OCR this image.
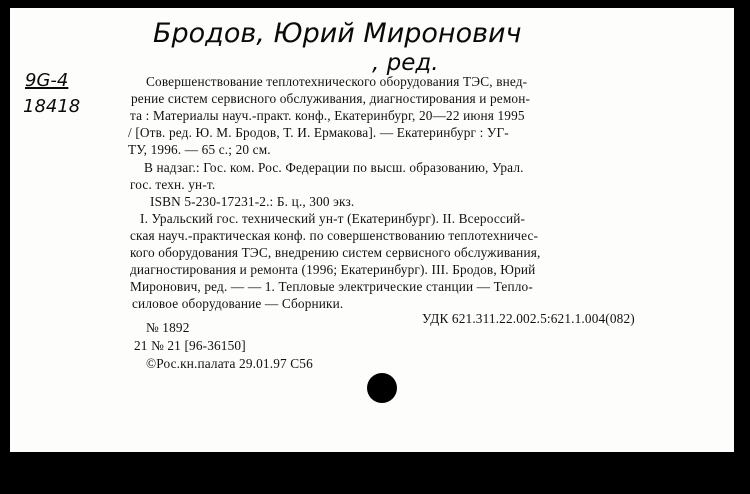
Бродов, Юрий Миронович
, ред.
9G-4
18418
Совершенствование теплотехнического оборудования ТЭС, внед-
рение систем сервисного обслуживания, диагностирования и ремон-
та : Материалы науч.-практ. конф., Екатеринбург, 20—22 июня 1995
/ [Отв. ред. Ю. М. Бродов, Т. И. Ермакова]. — Екатеринбург : УГ-
ТУ, 1996. — 65 с.; 20 см.
В надзаг.: Гос. ком. Рос. Федерации по высш. образованию, Урал.
гос. техн. ун-т.
ISBN 5-230-17231-2.: Б. ц., 300 экз.
I. Уральский гос. технический ун-т (Екатеринбург). II. Всероссий-
ская науч.-практическая конф. по совершенствованию теплотехничес-
кого оборудования ТЭС, внедрению систем сервисного обслуживания,
диагностирования и ремонта (1996; Екатеринбург). III. Бродов, Юрий
Миронович, ред. — — 1. Тепловые электрические станции — Тепло-
силовое оборудование — Сборники.
№ 1892
УДК 621.311.22.002.5:621.1.004(082)
21 № 21 [96-36150]
©Рос.кн.палата 29.01.97 С56
